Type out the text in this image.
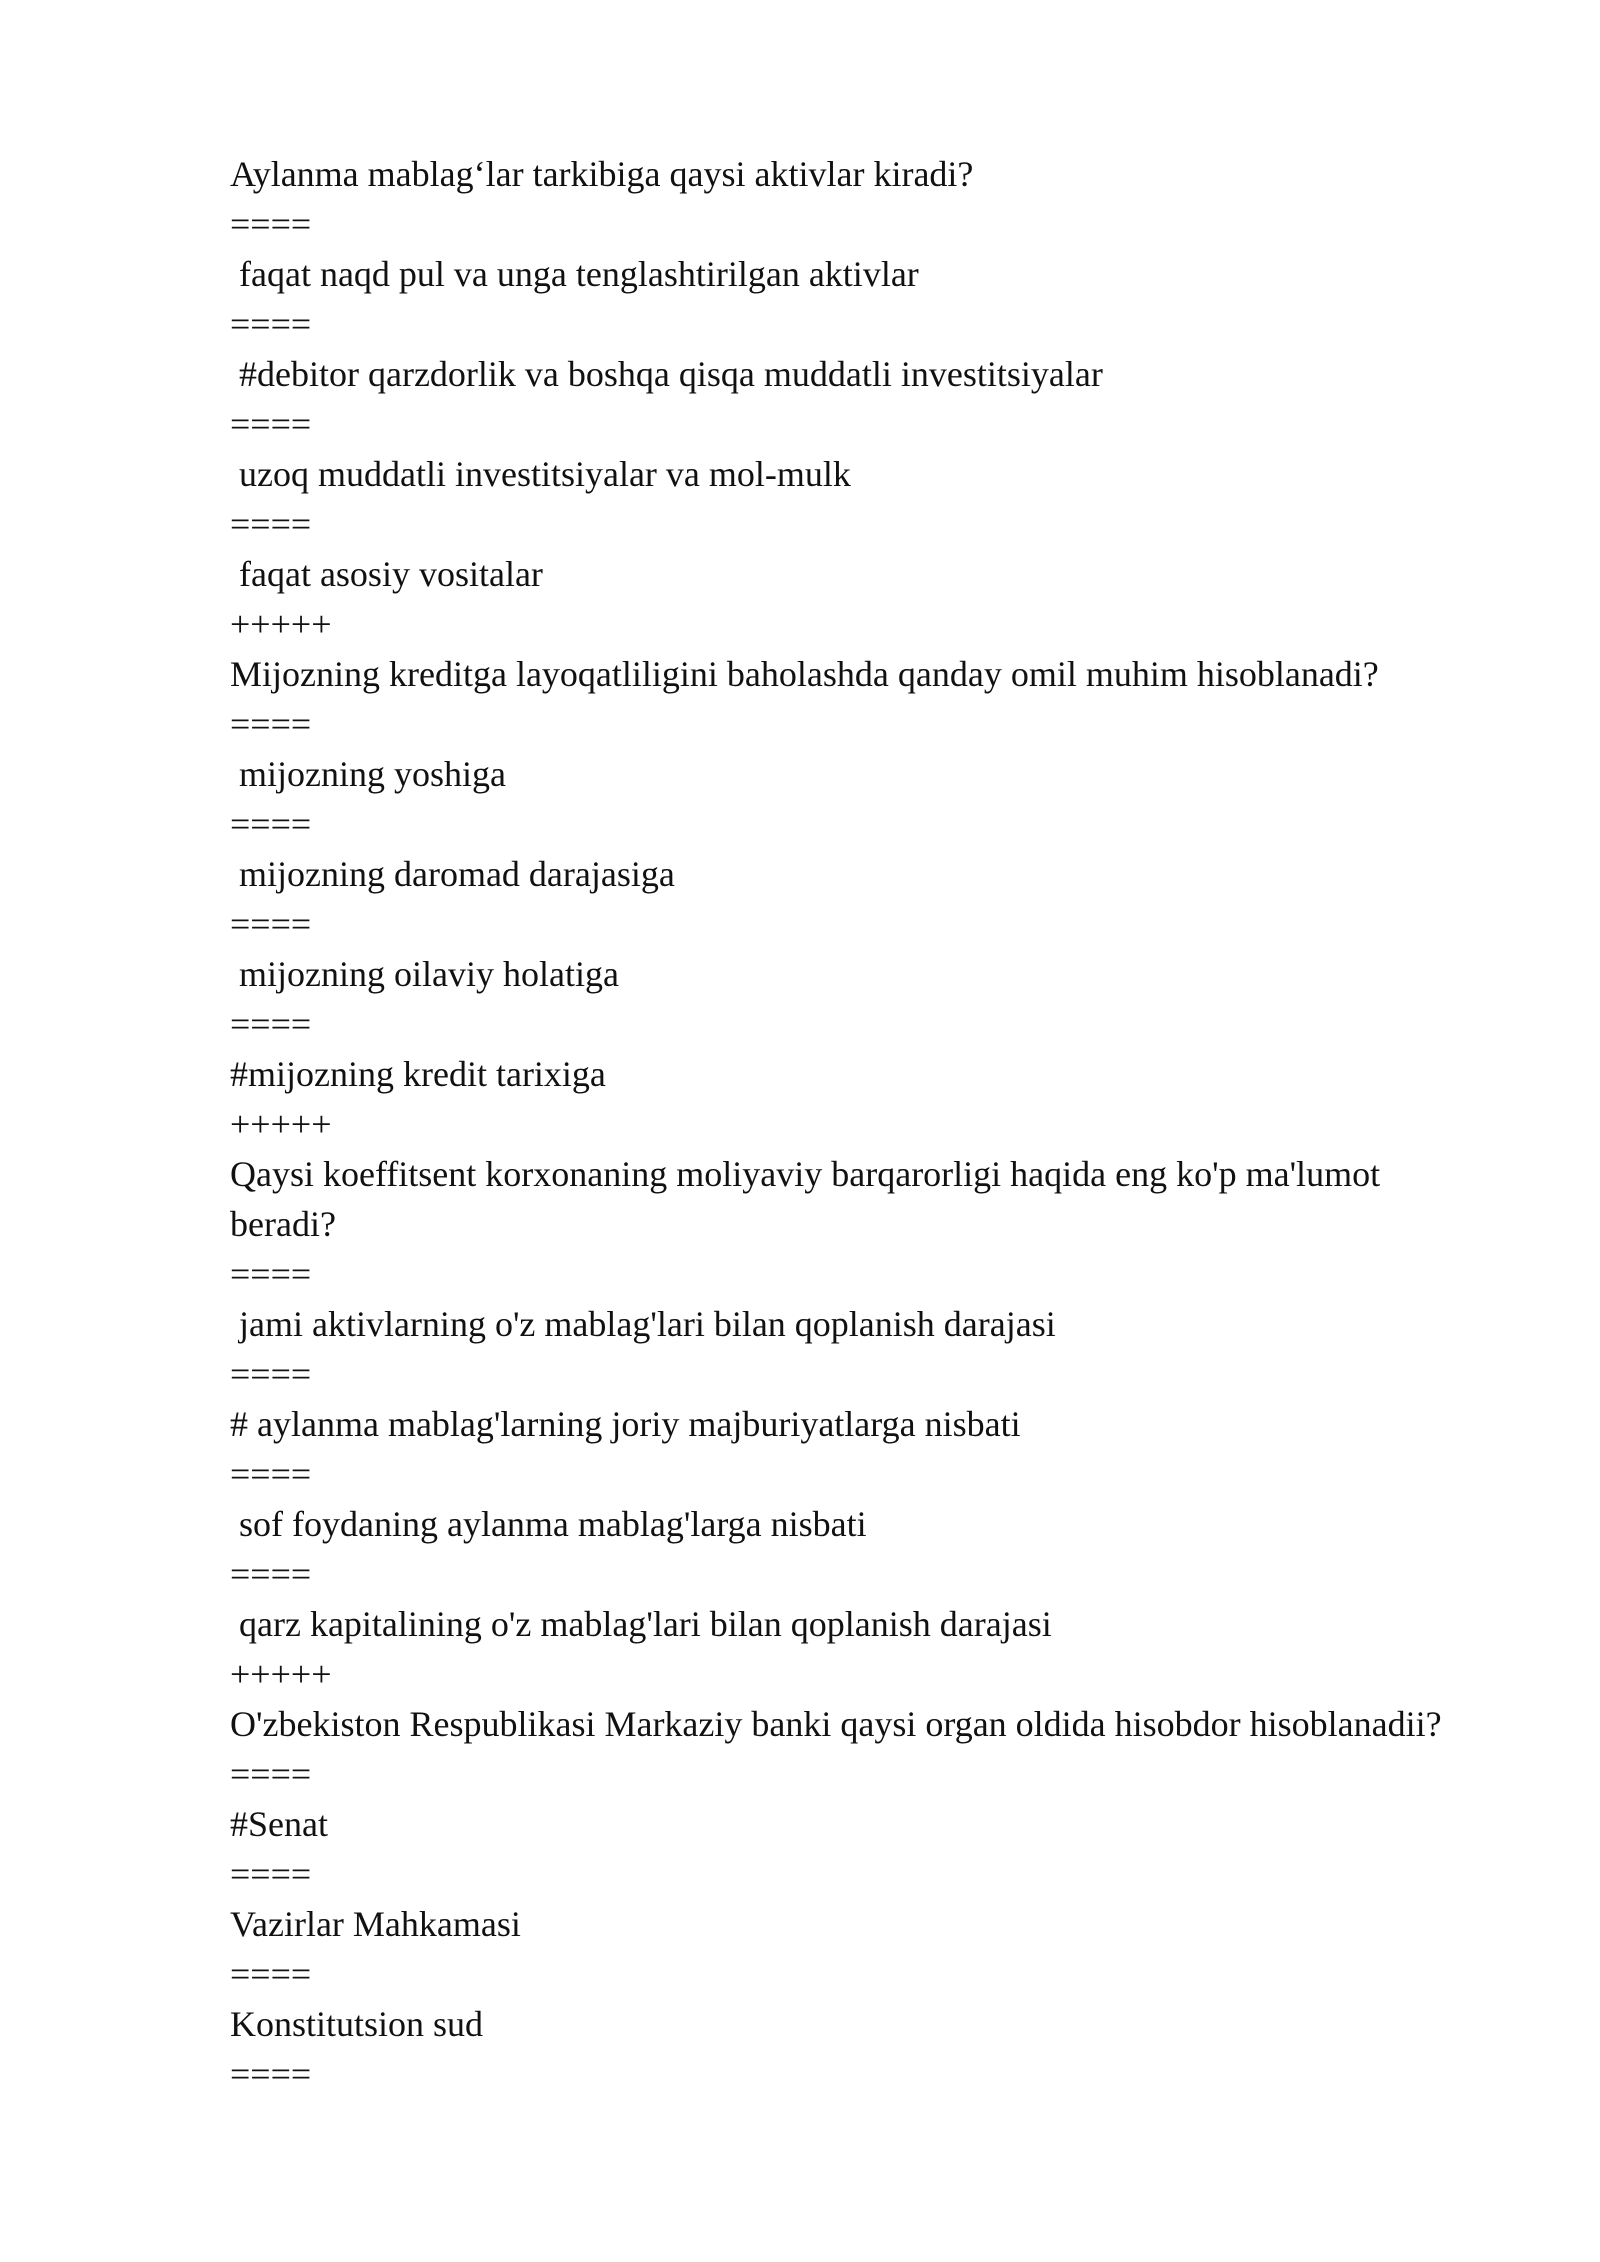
Aylanma mablag‘lar tarkibiga qaysi aktivlar kiradi?
====
faqat naqd pul va unga tenglashtirilgan aktivlar
====
#debitor qarzdorlik va boshqa qisqa muddatli investitsiyalar
====
uzoq muddatli investitsiyalar va mol-mulk
====
faqat asosiy vositalar
+++++
Mijozning kreditga layoqatliligini baholashda qanday omil muhim hisoblanadi?
====
mijozning yoshiga
====
mijozning daromad darajasiga
====
mijozning oilaviy holatiga
====
#mijozning kredit tarixiga
+++++
Qaysi koeffitsent korxonaning moliyaviy barqarorligi haqida eng ko'p ma'lumot beradi?
====
jami aktivlarning o'z mablag'lari bilan qoplanish darajasi
====
# aylanma mablag'larning joriy majburiyatlarga nisbati
====
sof foydaning aylanma mablag'larga nisbati
====
qarz kapitalining o'z mablag'lari bilan qoplanish darajasi
+++++
O'zbekiston Respublikasi Markaziy banki qaysi organ oldida hisobdor hisoblanadii?
====
#Senat
====
Vazirlar Mahkamasi
====
Konstitutsion sud
====
